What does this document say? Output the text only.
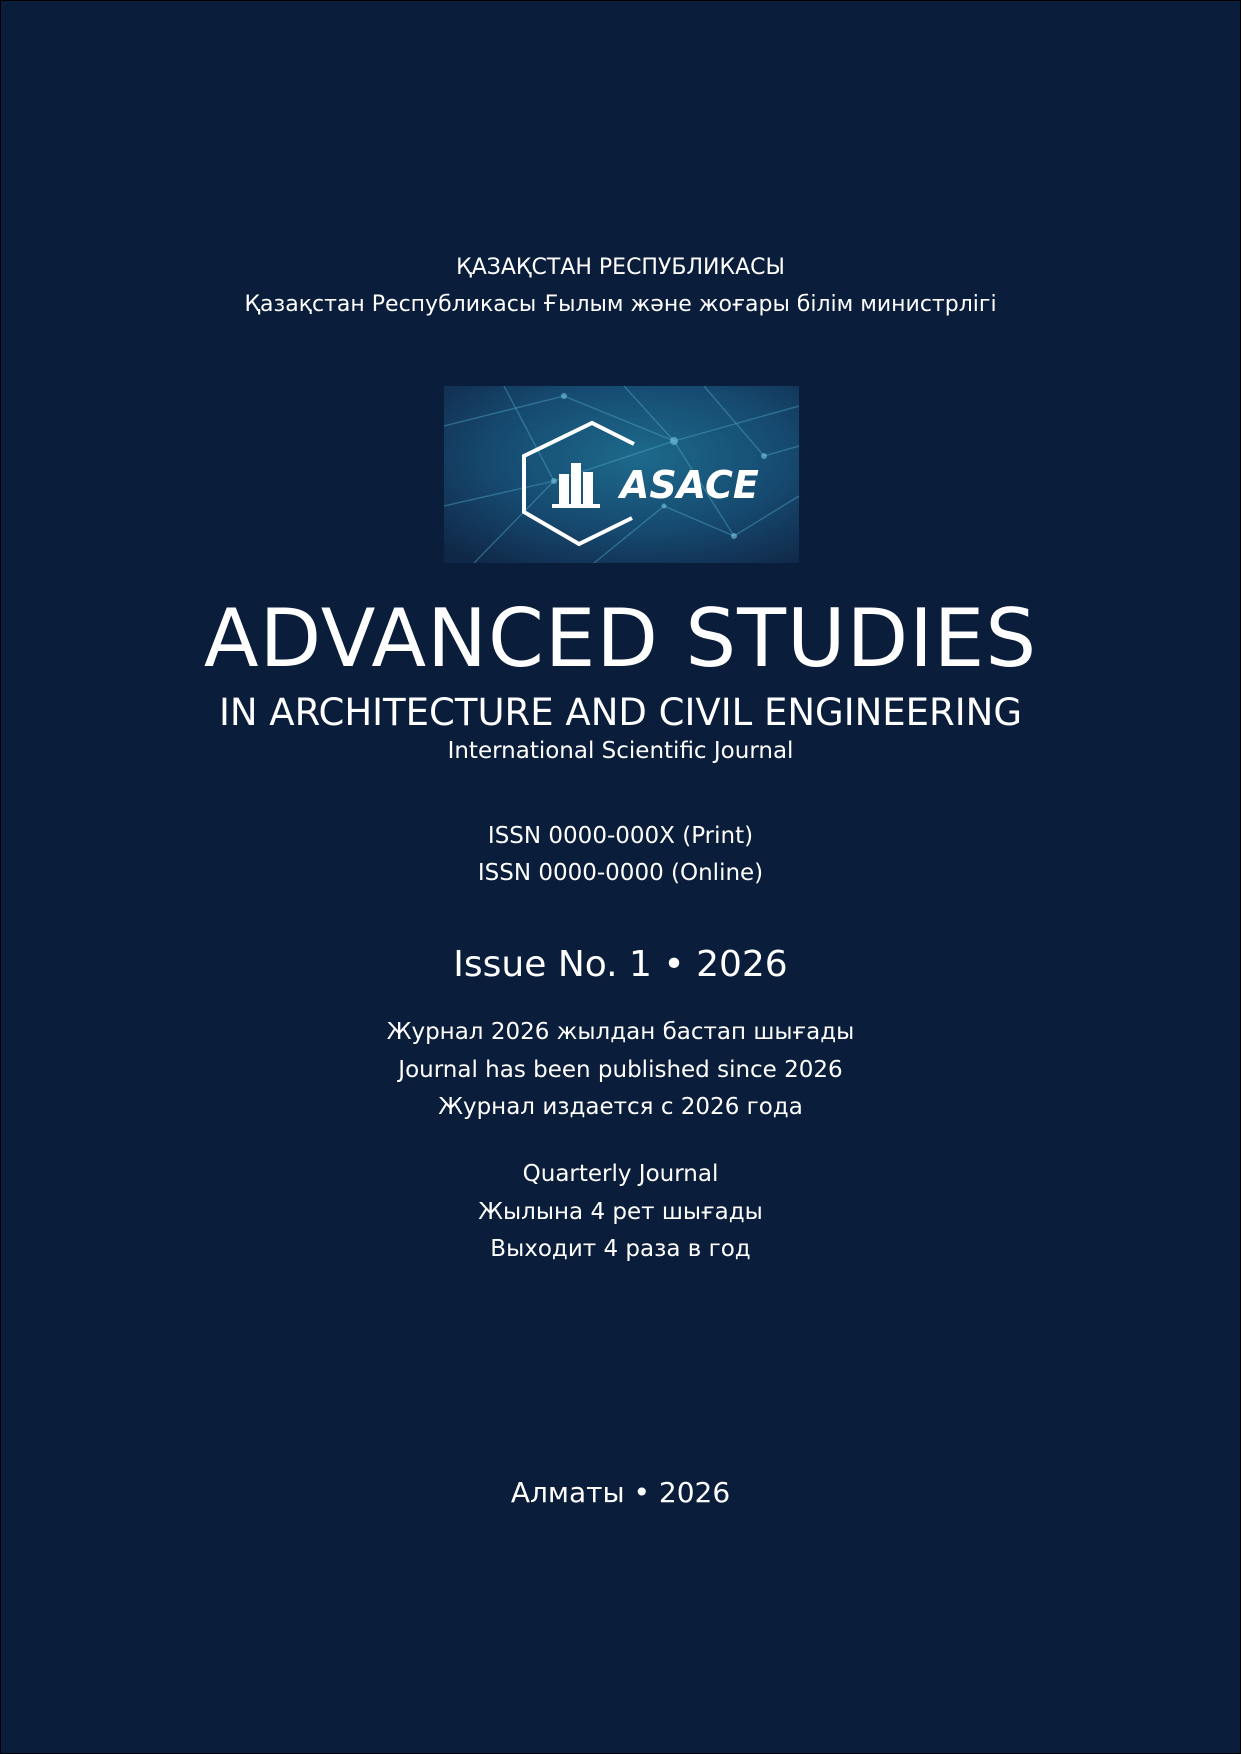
ҚАЗАҚСТАН РЕСПУБЛИКАСЫ
Қазақстан Республикасы Ғылым және жоғары білім министрлігі
ASACE
ADVANCED STUDIES
IN ARCHITECTURE AND CIVIL ENGINEERING
International Scientific Journal
ISSN 0000-000X (Print)
ISSN 0000-0000 (Online)
Issue No. 1 • 2026
Журнал 2026 жылдан бастап шығады
Journal has been published since 2026
Журнал издается с 2026 года
Quarterly Journal
Жылына 4 рет шығады
Выходит 4 раза в год
Алматы • 2026
